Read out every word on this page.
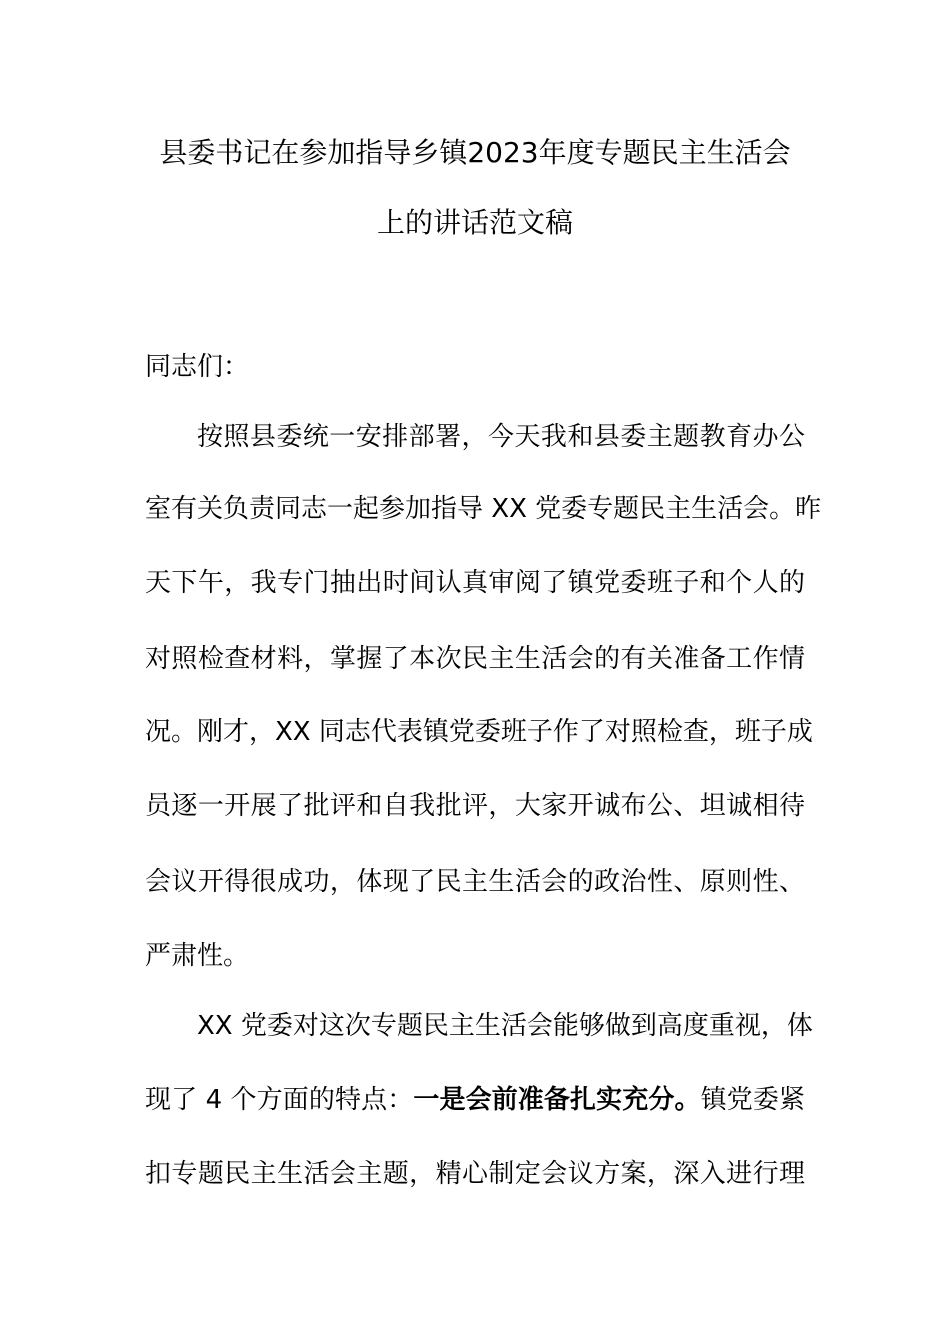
县委书记在参加指导乡镇2023年度专题民主生活会
上的讲话范文稿
同志们：
按照县委统一安排部署，今天我和县委主题教育办公
室有关负责同志一起参加指导 XX 党委专题民主生活会。昨
天下午，我专门抽出时间认真审阅了镇党委班子和个人的
对照检查材料，掌握了本次民主生活会的有关准备工作情
况。刚才，XX 同志代表镇党委班子作了对照检查，班子成
员逐一开展了批评和自我批评，大家开诚布公、坦诚相待
会议开得很成功，体现了民主生活会的政治性、原则性、
严肃性。
XX 党委对这次专题民主生活会能够做到高度重视，体
现了 4 个方面的特点：一是会前准备扎实充分。镇党委紧
扣专题民主生活会主题，精心制定会议方案，深入进行理
